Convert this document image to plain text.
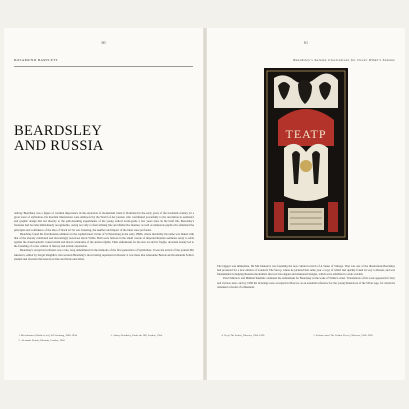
60
ROSAMUND BARTLETT
BEARDSLEY
AND RUSSIA

Aubrey Beardsley was a figure of cardinal importance in the explosion of modernism when it flourished in the early years of the twentieth century. In a great wave of stylization, his mordant illustrations were embraced by the World of Art journal, who contributed powerfully to the revolution in aesthetics and graphic design that led directly to the path-breaking experiments of the young radical avant-garde a few years later. In his brief life, Beardsley's fantasies had become immediately recognisable, owing not only to their striking line and distinctive manner, as well as numerous pupils who emulated the principles and confidence of the idea of 'black art' he was fostering, the number and impact of his ideas were profound.

Beardsley found his first Russian admirers in the sophisticated circles of St Petersburg in the early 1890s, where inevitably his name was linked with that of the already celebrated and increasingly notorious Oscar Wilde. Both were famous in the small coterie of imperial Russian aesthetes ready to rebel against the claustrophobic conservatism and moral constraints of the ancien régime. Their enthusiasm for the new art and its fragile, decadent beauty led to the founding of a new culture of literary and artistic expression.

Beardsley's reception in Russia was a tale, long remembered in the memoirs of the first generation of Symbolists. It was the arrival of the journal Mir iskusstva, edited by Sergei Diaghilev, that secured Beardsley's most lasting reputation in Russia; it was there that Alexandre Benois and Konstantin Somov studied and absorbed his lessons in line and black-and-white.

1. Mir iskusstva (World of Art), St Petersburg, 1898–1904.
2. Alexandre Benois, Memoirs, London, 1960.
3. Aubrey Beardsley, Under the Hill, London, 1904.
61
Beardsley's Salome illustrations for Oscar Wilde's Salome
TEATP

The biggest was immediate. He Mir Iskusstva was founding the new cultural revival of A Sense of Vintage. That was one of the illustrations Beardsley had produced for a new edition of London's The Savoy, where he pictured that same year a copy of which had quickly found its way to Russia, and was fundamental in helping Russian modernists discover his elegant and mannered designs, which were exhibited to wide acclaim.

Pavel Muratov and Mikhail Kuzmin continued the enthusiasm for Beardsley in the wake of Wilde's arrest. Translations of his work appeared in Vesy and Zolotoe runo, and by 1906 his drawings were accepted in Moscow as an essential reference for the young illustrators of the Silver Age, for whom he remained a model of refinement.

4. Vesy (The Scales), Moscow, 1904–1909.
5.	Zolotoe runo (The Golden Fleece), Moscow, 1906–1909.
